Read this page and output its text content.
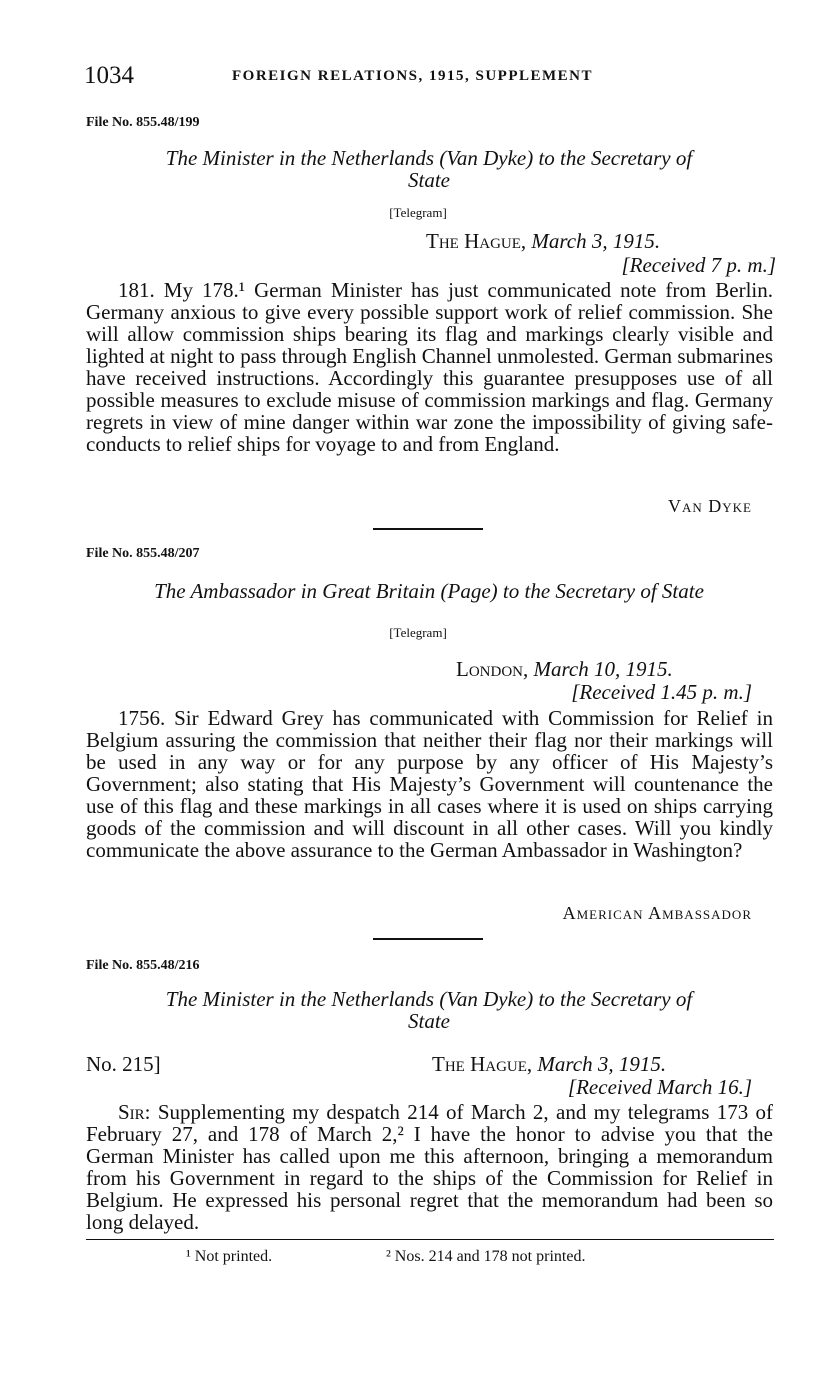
1034	FOREIGN RELATIONS, 1915, SUPPLEMENT
File No. 855.48/199
The Minister in the Netherlands (Van Dyke) to the Secretary of
State
[Telegram]
The Hague, March 3, 1915.
[Received 7 p. m.]

181. My 178.¹ German Minister has just communicated note from Berlin. Germany anxious to give every possible support work of relief commission. She will allow commission ships bearing its flag and markings clearly visible and lighted at night to pass through English Channel unmolested. German submarines have received instructions. Accordingly this guarantee presupposes use of all possible measures to exclude misuse of commission markings and flag. Germany regrets in view of mine danger within war zone the impossibility of giving safe-conducts to relief ships for voyage to and from England.

Van Dyke
File No. 855.48/207
The Ambassador in Great Britain (Page) to the Secretary of State
[Telegram]
London, March 10, 1915.
[Received 1.45 p. m.]

1756. Sir Edward Grey has communicated with Commission for Relief in Belgium assuring the commission that neither their flag nor their markings will be used in any way or for any purpose by any officer of His Majesty’s Government; also stating that His Majesty’s Government will countenance the use of this flag and these markings in all cases where it is used on ships carrying goods of the commission and will discount in all other cases. Will you kindly communicate the above assurance to the German Ambassador in Washington?

American Ambassador
File No. 855.48/216
The Minister in the Netherlands (Van Dyke) to the Secretary of
State
No. 215]	The Hague, March 3, 1915.
[Received March 16.]

Sir: Supplementing my despatch 214 of March 2, and my telegrams 173 of February 27, and 178 of March 2,² I have the honor to advise you that the German Minister has called upon me this afternoon, bringing a memorandum from his Government in regard to the ships of the Commission for Relief in Belgium. He expressed his personal regret that the memorandum had been so long delayed.

¹ Not printed.	² Nos. 214 and 178 not printed.
